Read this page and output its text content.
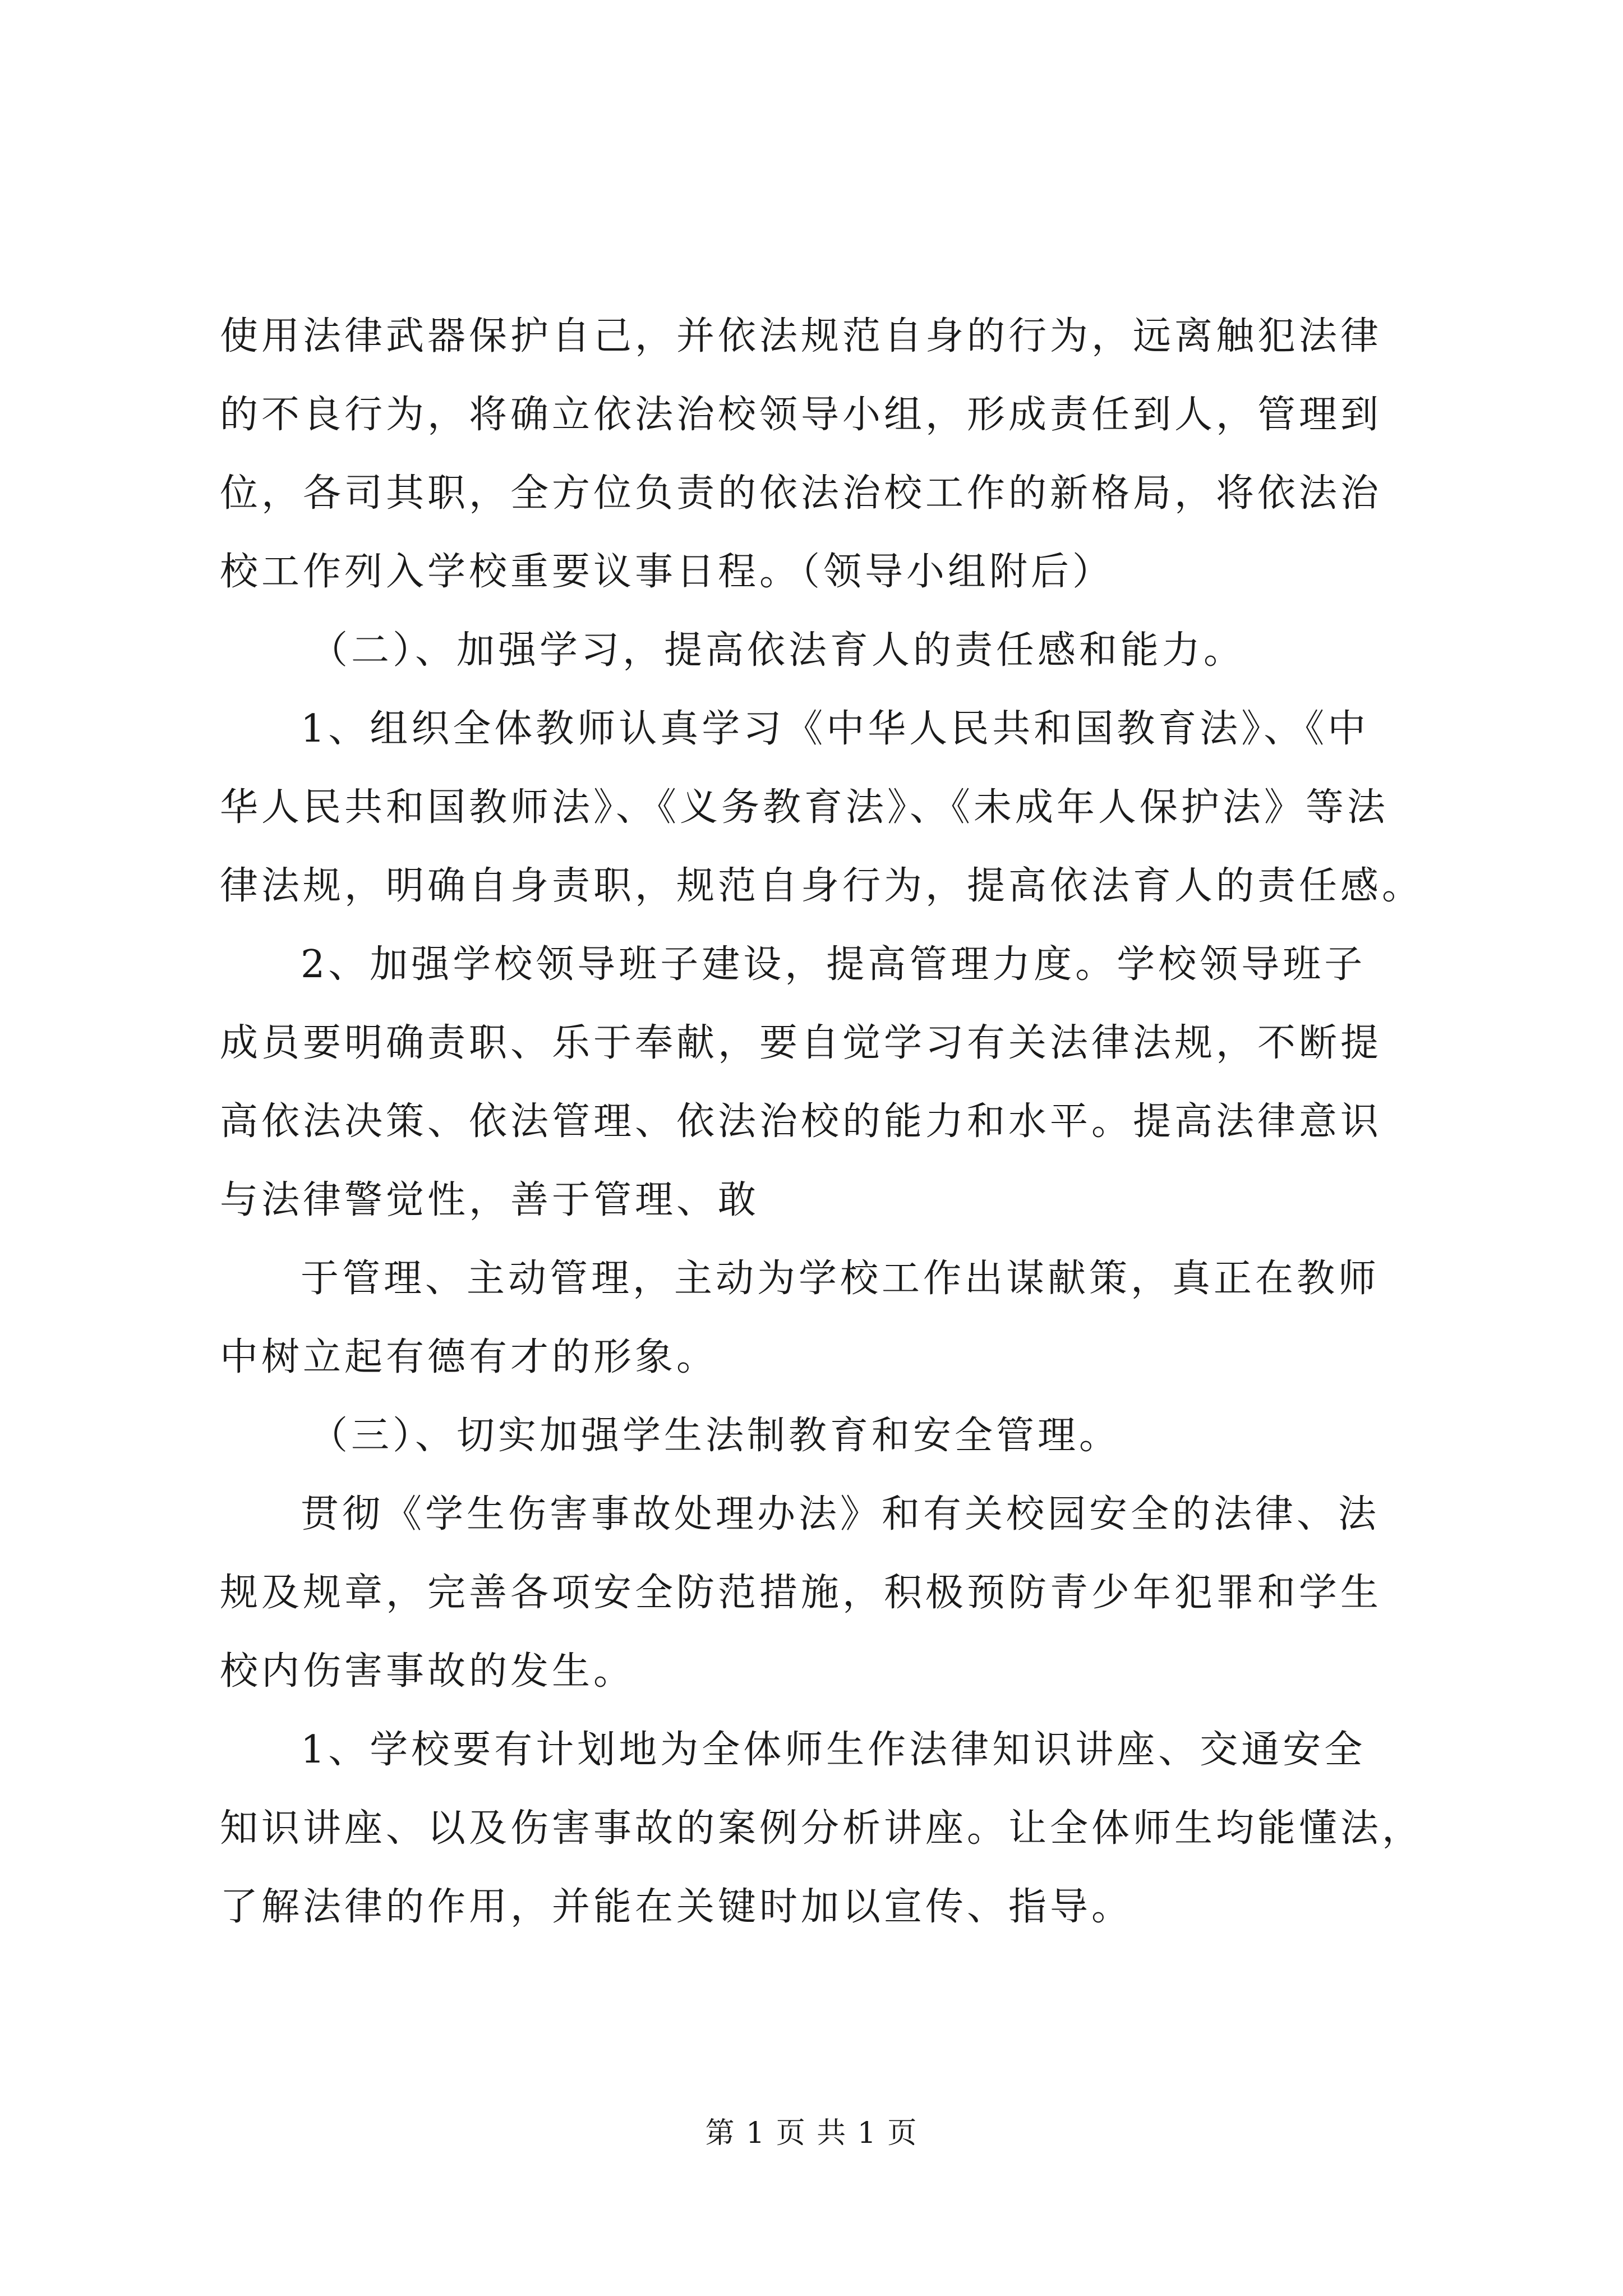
使用法律武器保护自己，并依法规范自身的行为，远离触犯法律
的不良行为，将确立依法治校领导小组，形成责任到人，管理到
位，各司其职，全方位负责的依法治校工作的新格局，将依法治
校工作列入学校重要议事日程。（领导小组附后）
（二）、加强学习，提高依法育人的责任感和能力。
1、组织全体教师认真学习《中华人民共和国教育法》、《中
华人民共和国教师法》、《义务教育法》、《未成年人保护法》等法
律法规，明确自身责职，规范自身行为，提高依法育人的责任感。
2、加强学校领导班子建设，提高管理力度。学校领导班子
成员要明确责职、乐于奉献，要自觉学习有关法律法规，不断提
高依法决策、依法管理、依法治校的能力和水平。提高法律意识
与法律警觉性，善于管理、敢
于管理、主动管理，主动为学校工作出谋献策，真正在教师
中树立起有德有才的形象。
（三）、切实加强学生法制教育和安全管理。
贯彻《学生伤害事故处理办法》和有关校园安全的法律、法
规及规章，完善各项安全防范措施，积极预防青少年犯罪和学生
校内伤害事故的发生。
1、学校要有计划地为全体师生作法律知识讲座、交通安全
知识讲座、以及伤害事故的案例分析讲座。让全体师生均能懂法，
了解法律的作用，并能在关键时加以宣传、指导。
第 1 页 共 1 页
